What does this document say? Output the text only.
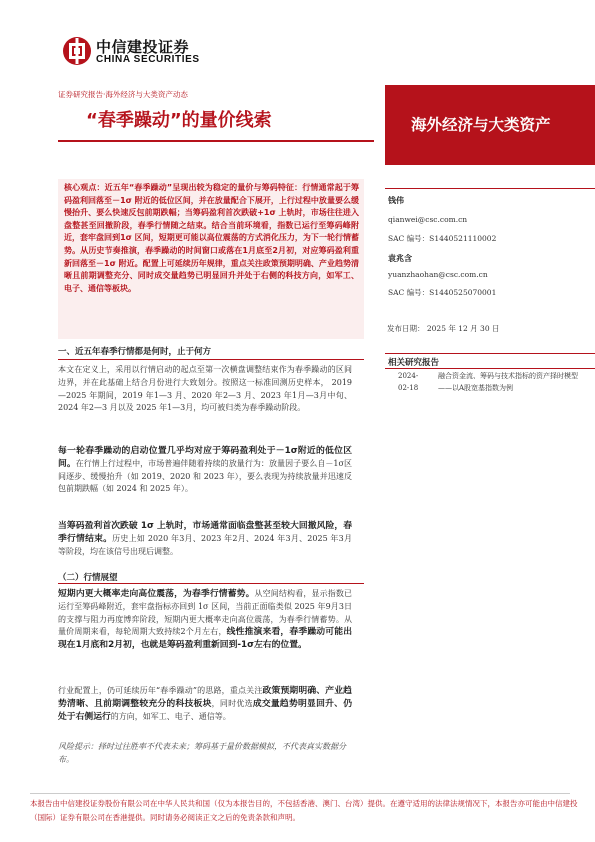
中信建投证券
CHINA SECURITIES
证券研究报告·海外经济与大类资产动态
“春季躁动”的量价线索	海外经济与大类资产

核心观点：近五年“春季躁动”呈现出较为稳定的量价与筹码特征：行情通常起于筹码盈利回落至－1σ 附近的低位区间，并在放量配合下展开，上行过程中放量要么缓慢抬升、要么快速反包前期跌幅；当筹码盈利首次跌破+1σ 上轨时，市场往往进入盘整甚至回撤阶段，春季行情随之结束。结合当前环境看，指数已运行至筹码峰附近，套牢盘回到1σ 区间，短期更可能以高位震荡的方式消化压力，为下一轮行情蓄势。从历史节奏推演，春季躁动的时间窗口或落在1月底至2月初，对应筹码盈利重新回落至－1σ 附近。配置上可延续历年规律，重点关注政策预期明确、产业趋势清晰且前期调整充分、同时成交量趋势已明显回升并处于右侧的科技方向，如军工、电子、通信等板块。

一、近五年春季行情都是何时，止于何方
本文在定义上，采用以行情启动的起点至第一次横盘调整结束作为春季躁动的区间边界，并在此基础上结合月份进行大致划分。按照这一标准回测历史样本， 2019—2025 年期间，2019 年1—3 月、2020 年2—3 月、2023 年1月—3月中旬、2024 年2—3 月以及 2025 年1—3月，均可被归类为春季躁动阶段。
每一轮春季躁动的启动位置几乎均对应于筹码盈利处于－1σ附近的低位区间。在行情上行过程中，市场普遍伴随着持续的放量行为：放量因子要么自－1σ区间逐步、缓慢抬升（如 2019、2020 和 2023 年），要么表现为持续放量并迅速反包前期跌幅（如 2024 和 2025 年）。
当筹码盈利首次跌破 1σ 上轨时，市场通常面临盘整甚至较大回撤风险，春季行情结束。历史上如 2020 年3月、2023 年2月、2024 年3月、2025 年3月等阶段，均在该信号出现后调整。
（二）行情展望
短期内更大概率走向高位震荡，为春季行情蓄势。从空间结构看，显示指数已运行至筹码峰附近，套牢盘指标亦回到 1σ 区间，当前正面临类似 2025 年9月3日的支撑与阻力再度博弈阶段，短期内更大概率走向高位震荡，为春季行情蓄势。从量价周期来看，每轮周期大致持续2个月左右，线性推演来看，春季躁动可能出现在1月底和2月初，也就是筹码盈利重新回到-1σ左右的位置。
行业配置上，仍可延续历年“春季躁动”的思路，重点关注政策预期明确、产业趋势清晰、且前期调整较充分的科技板块，同时优选成交量趋势明显回升、仍处于右侧运行的方向，如军工、电子、通信等。
风险提示：择时过往胜率不代表未来；筹码基于量价数据模拟，不代表真实数据分布。
钱伟
qianwei@csc.com.cn
SAC 编号：S1440521110002
袁兆含
yuanzhaohan@csc.com.cn
SAC 编号：S1440525070001
发布日期： 2025 年 12 月 30 日
相关研究报告
2024-02-18
融合资金流、筹码与技术指标的资产择时模型——以A股宽基指数为例
本报告由中信建投证券股份有限公司在中华人民共和国（仅为本报告目的，不包括香港、澳门、台湾）提供。在遵守适用的法律法规情况下，本报告亦可能由中信建投（国际）证券有限公司在香港提供。同时请务必阅读正文之后的免责条款和声明。
